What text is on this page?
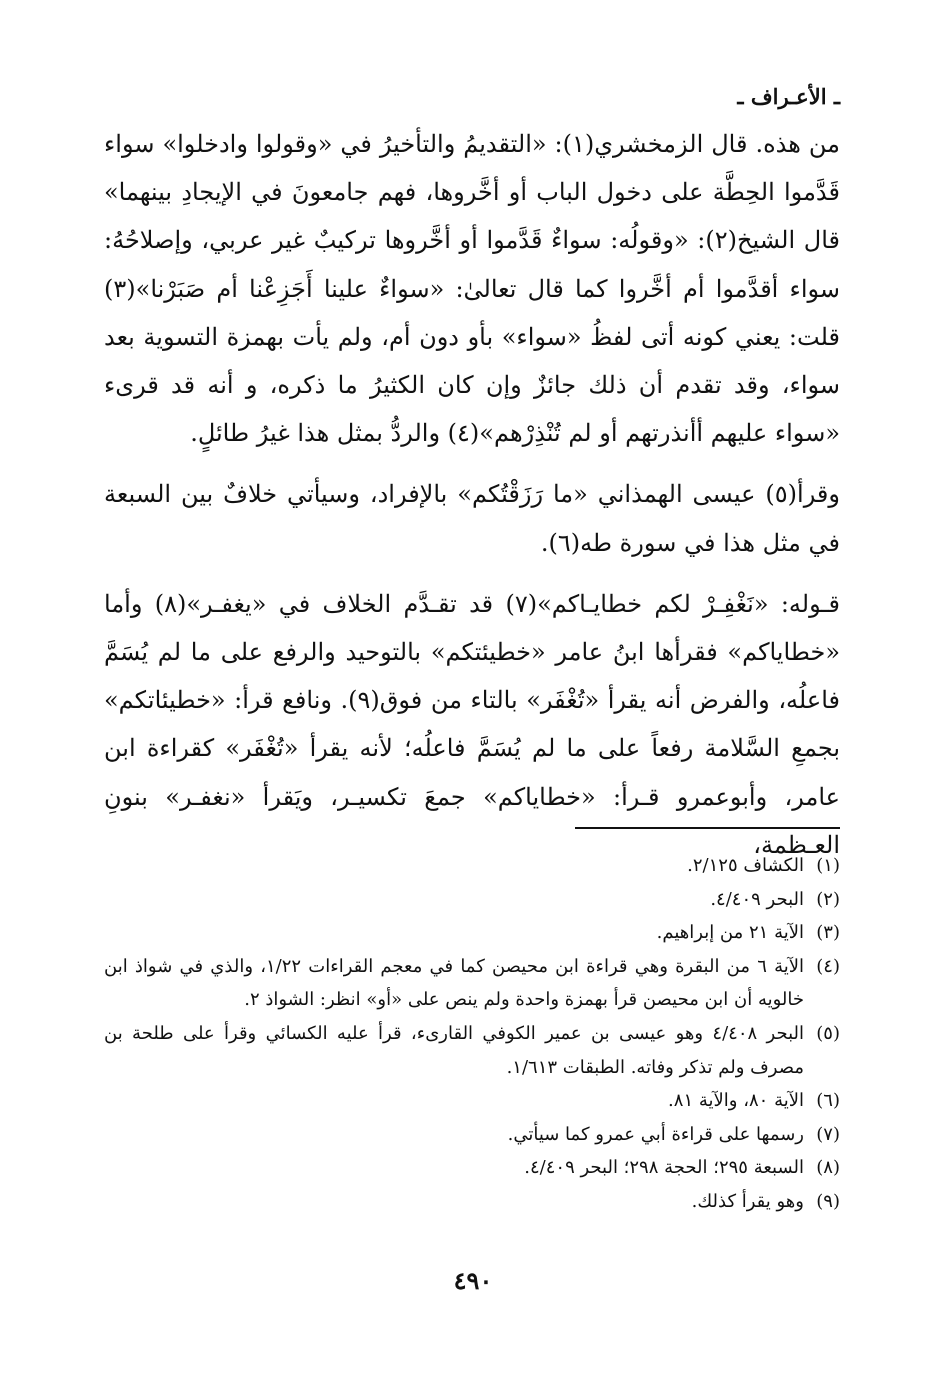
ـ الأعـراف ـ

من هذه. قال الزمخشري(١): «التقديمُ والتأخيرُ في «وقولوا وادخلوا» سواء قَدَّموا الحِطَّة على دخول الباب أو أخَّروها، فهم جامعونَ في الإيجادِ بينهما» قال الشيخ(٢): «وقولُه: سواءٌ قَدَّموا أو أخَّروها تركيبٌ غير عربي، وإصلاحُهُ: سواء أقدَّموا أم أخَّروا كما قال تعالىٰ: «سواءٌ علينا أَجَزِعْنا أم صَبَرْنا»(٣) قلت: يعني كونه أتى لفظُ «سواء» بأو دون أم، ولم يأت بهمزة التسوية بعد سواء، وقد تقدم أن ذلك جائزٌ وإن كان الكثيرُ ما ذكره، و أنه قد قرىء «سواء عليهم أأنذرتهم أو لم تُنْذِرْهم»(٤) والردُّ بمثل هذا غيرُ طائلٍ.

وقرأ(٥) عيسى الهمذاني «ما رَزَقْتُكم» بالإفراد، وسيأتي خلافٌ بين السبعة في مثل هذا في سورة طه(٦).

قـوله: «نَغْفِـرْ لكم خطايـاكم»(٧) قد تقـدَّم الخلاف في «يغفـر»(٨) وأما «خطاياكم» فقرأها ابنُ عامر «خطيئتكم» بالتوحيد والرفع على ما لم يُسَمَّ فاعلُه، والفرض أنه يقرأ «تُغْفَر» بالتاء من فوق(٩). ونافع قرأ: «خطيئاتكم» بجمعِ السَّلامة رفعاً على ما لم يُسَمَّ فاعلُه؛ لأنه يقرأ «تُغْفَر» كقراءة ابن عامر، وأبوعمرو قـرأ: «خطاياكم» جمعَ تكسيـر، ويَقرأ «نغفـر» بنونِ العـظمة،

(١)
الكشاف ٢/١٢٥.
(٢)
البحر ٤/٤٠٩.
(٣)
الآية ٢١ من إبراهيم.
(٤)
الآية ٦ من البقرة وهي قراءة ابن محيصن كما في معجم القراءات ١/٢٢، والذي في شواذ ابن خالويه أن ابن محيصن قرأ بهمزة واحدة ولم ينص على «أو» انظر: الشواذ ٢.
(٥)
البحر ٤/٤٠٨ وهو عيسى بن عمير الكوفي القارىء، قرأ عليه الكسائي وقرأ على طلحة بن مصرف ولم تذكر وفاته. الطبقات ١/٦١٣.
(٦)
الآية ٨٠، والآية ٨١.
(٧)
رسمها على قراءة أبي عمرو كما سيأتي.
(٨)
السبعة ٢٩٥؛ الحجة ٢٩٨؛ البحر ٤/٤٠٩.
(٩)
وهو يقرأ كذلك.
٤٩٠
